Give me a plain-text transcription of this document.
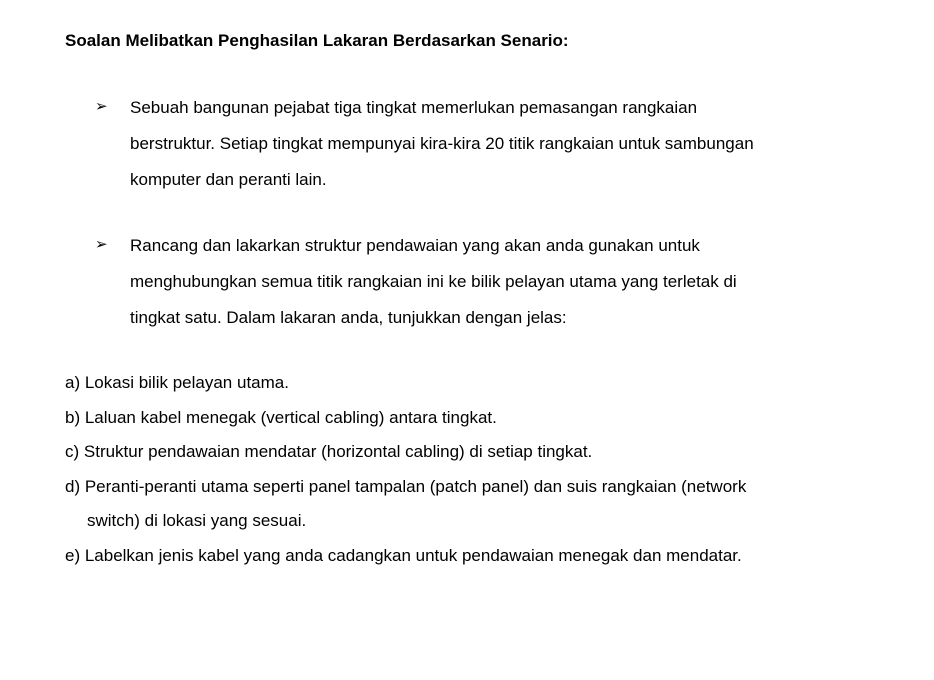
Soalan Melibatkan Penghasilan Lakaran Berdasarkan Senario:
➢ Sebuah bangunan pejabat tiga tingkat memerlukan pemasangan rangkaian
berstruktur. Setiap tingkat mempunyai kira-kira 20 titik rangkaian untuk sambungan
komputer dan peranti lain.
➢ Rancang dan lakarkan struktur pendawaian yang akan anda gunakan untuk
menghubungkan semua titik rangkaian ini ke bilik pelayan utama yang terletak di
tingkat satu. Dalam lakaran anda, tunjukkan dengan jelas:
a) Lokasi bilik pelayan utama.
b) Laluan kabel menegak (vertical cabling) antara tingkat.
c) Struktur pendawaian mendatar (horizontal cabling) di setiap tingkat.
d) Peranti-peranti utama seperti panel tampalan (patch panel) dan suis rangkaian (network
switch) di lokasi yang sesuai.
e) Labelkan jenis kabel yang anda cadangkan untuk pendawaian menegak dan mendatar.
